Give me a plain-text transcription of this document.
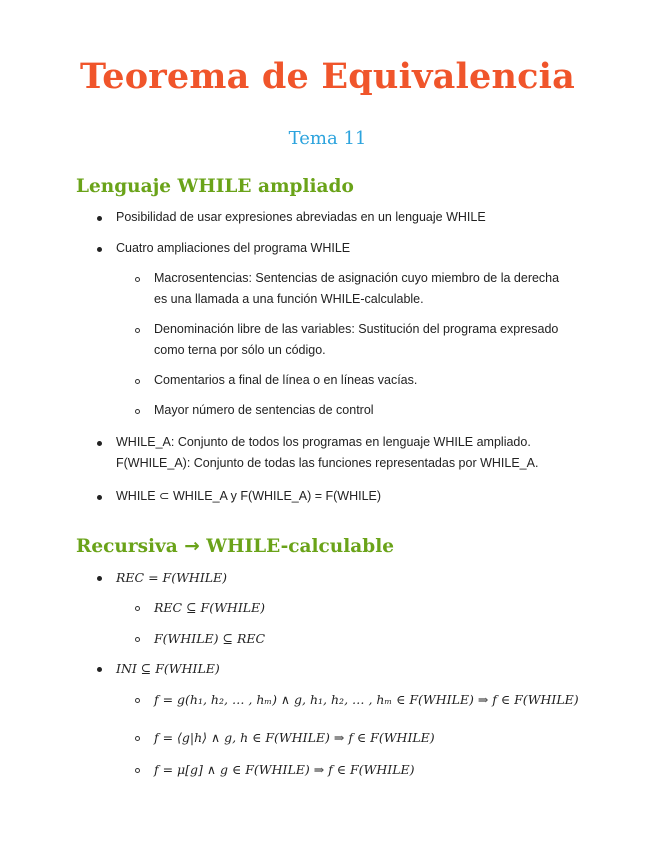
Teorema de Equivalencia
Tema 11
Lenguaje WHILE ampliado

Posibilidad de usar expresiones abreviadas en un lenguaje WHILE

Cuatro ampliaciones del programa WHILE

Macrosentencias: Sentencias de asignación cuyo miembro de la derecha

es una llamada a una función WHILE-calculable.

Denominación libre de las variables: Sustitución del programa expresado

como terna por sólo un código.

Comentarios a final de línea o en líneas vacías.

Mayor número de sentencias de control

WHILE_A: Conjunto de todos los programas en lenguaje WHILE ampliado.

F(WHILE_A): Conjunto de todas las funciones representadas por WHILE_A.

WHILE ⊂ WHILE_A y F(WHILE_A) = F(WHILE)

Recursiva → WHILE-calculable

REC = F(WHILE)

REC ⊆ F(WHILE)

F(WHILE) ⊆ REC

INI ⊆ F(WHILE)

f = g(h₁, h₂, … , hₘ) ∧ g, h₁, h₂, … , hₘ ∈ F(WHILE) ⇒ f ∈ F(WHILE)

f = ⟨g|h⟩ ∧ g, h ∈ F(WHILE) ⇒ f ∈ F(WHILE)

f = μ[g] ∧ g ∈ F(WHILE) ⇒ f ∈ F(WHILE)
